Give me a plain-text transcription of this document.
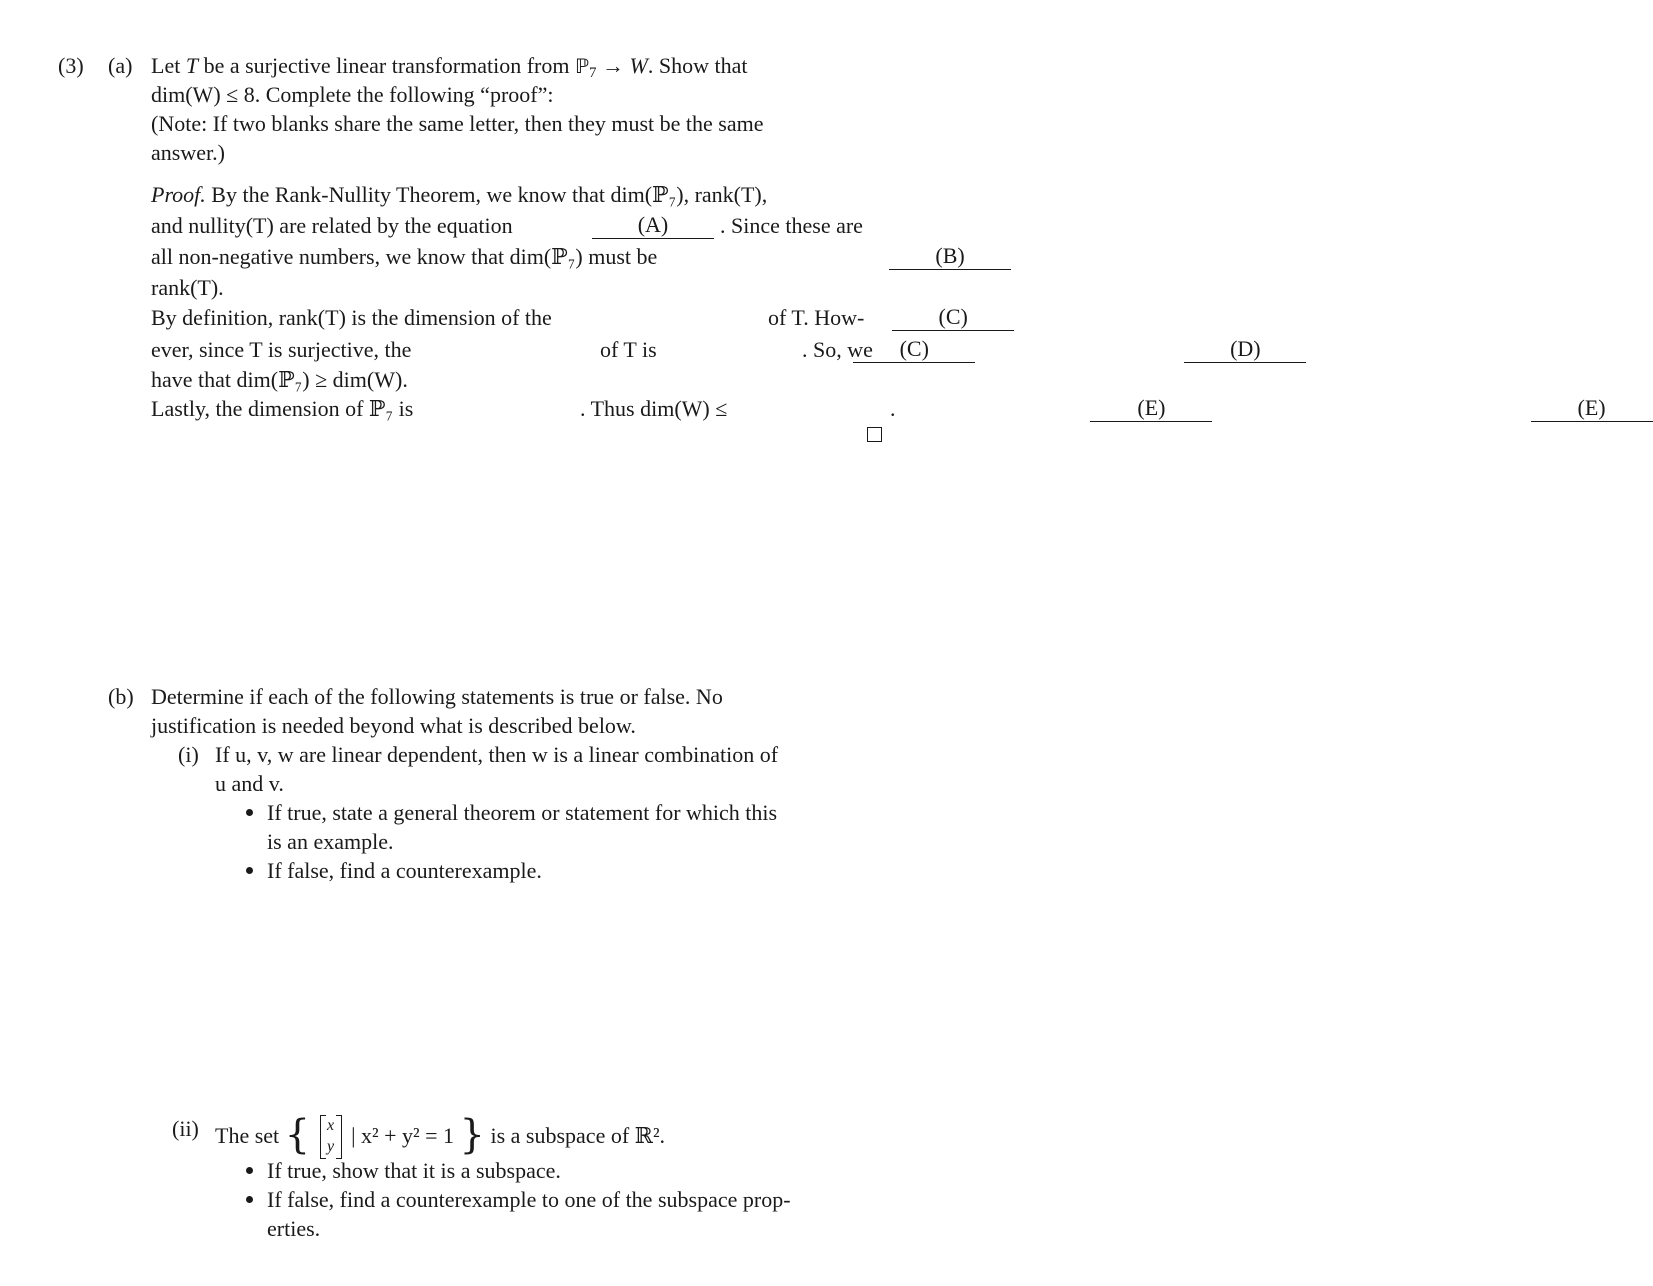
(3) (a) Let T be a surjective linear transformation from ℙ$_7$ → W. Show that
dim(W) ≤ 8. Complete the following “proof”:
(Note: If two blanks share the same letter, then they must be the same
answer.)
Proof. By the Rank-Nullity Theorem, we know that dim(ℙ₇), rank(T),
and nullity(T) are related by the equation	(A) . Since these are
all non-negative numbers, we know that dim(ℙ₇) must be	(B)
rank(T).
By definition, rank(T) is the dimension of the	(C)
of T. How-
ever, since T is surjective, the	(C)
of T is	(D)
. So, we
have that dim(ℙ₇) ≥ dim(W).
Lastly, the dimension of ℙ₇ is	(E)
. Thus dim(W) ≤	(E)
.
(b) Determine if each of the following statements is true or false. No
justification is needed beyond what is described below.
(i) If u, v, w are linear dependent, then w is a linear combination of
u and v.
If true, state a general theorem or statement for which this
is an example.
If false, find a counterexample.
(ii) The set {	x
y | x² + y² = 1 } is a subspace of ℝ².
If true, show that it is a subspace.
If false, find a counterexample to one of the subspace prop-
erties.
